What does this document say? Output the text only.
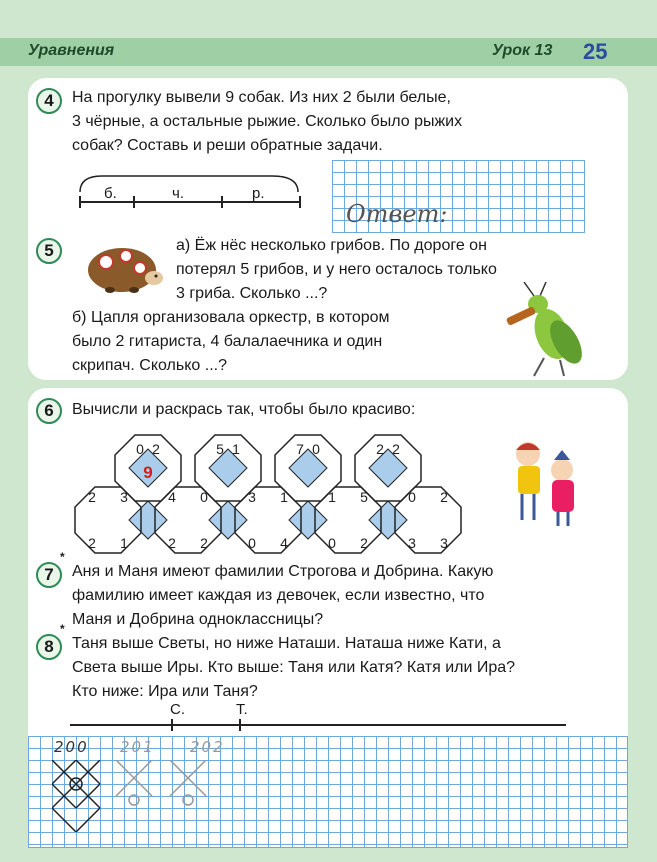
Уравнения	Урок 13 25
4	На прогулку вывели 9 собак. Из них 2 были белые,
3 чёрные, а остальные рыжие. Сколько было рыжих
собак? Составь и реши обратные задачи.
б.	ч.	р.
Ответ:
5	а) Ёж нёс несколько грибов. По дороге он
потерял 5 грибов, и у него осталось только
3 гриба. Сколько ...?
б) Цапля организовала оркестр, в котором
было 2 гитариста, 4 балалаечника и один
скрипач. Сколько ...?
6	Вычисли и раскрась так, чтобы было красиво:
0 2	5 1	7 0	2 2
2 3	4 0	3 1	1 5	0 2
2 1	2 2	0 4	0 2	3 3
9
7
*
Аня и Маня имеют фамилии Строгова и Добрина. Какую
фамилию имеет каждая из девочек, если известно, что
Маня и Добрина одноклассницы?
8
*
Таня выше Светы, но ниже Наташи. Наташа ниже Кати, а
Света выше Иры. Кто выше: Таня или Катя? Катя или Ира?
Кто ниже: Ира или Таня?
С.	Т.
200 201 202
